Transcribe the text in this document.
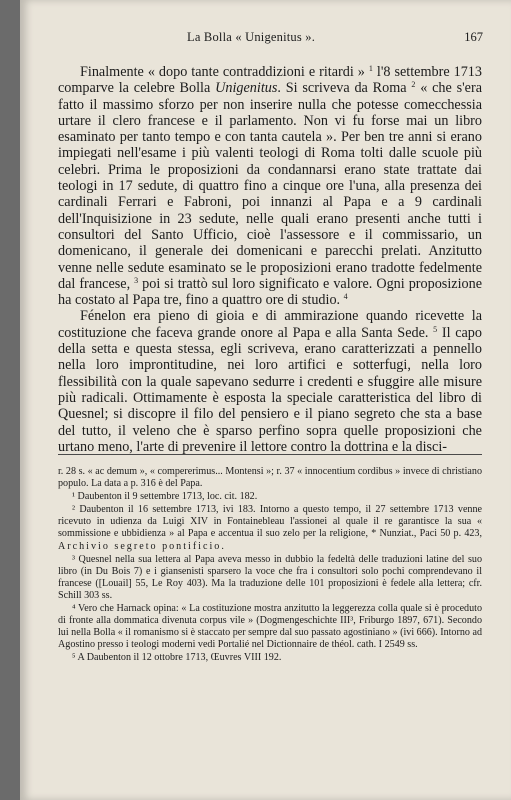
La Bolla « Unigenitus ».	167

Finalmente « dopo tante contraddizioni e ritardi » $^1$ l'8 settembre 1713 comparve la celebre Bolla Unigenitus. Si scriveva da Roma $^2$ « che s'era fatto il massimo sforzo per non inserire nulla che potesse comecchessia urtare il clero francese e il parlamento. Non vi fu forse mai un libro esaminato per tanto tempo e con tanta cautela ». Per ben tre anni si erano impiegati nell'esame i più valenti teologi di Roma tolti dalle scuole più celebri. Prima le proposizioni da condannarsi erano state trattate dai teologi in 17 sedute, di quattro fino a cinque ore l'una, alla presenza dei cardinali Ferrari e Fabroni, poi innanzi al Papa e a 9 cardinali dell'Inquisizione in 23 sedute, nelle quali erano presenti anche tutti i consultori del Santo Ufficio, cioè l'assessore e il commissario, un domenicano, il generale dei domenicani e parecchi prelati. Anzitutto venne nelle sedute esaminato se le proposizioni erano tradotte fedelmente dal francese, $^3$ poi si trattò sul loro significato e valore. Ogni proposizione ha costato al Papa tre, fino a quattro ore di studio. $^4$

Fénelon era pieno di gioia e di ammirazione quando ricevette la costituzione che faceva grande onore al Papa e alla Santa Sede. $^5$ Il capo della setta e questa stessa, egli scriveva, erano caratterizzati a pennello nella loro improntitudine, nei loro artifici e sotterfugi, nella loro flessibilità con la quale sapevano sedurre i credenti e sfuggire alle misure più radicali. Ottimamente è esposta la speciale caratteristica del libro di Quesnel; si discopre il filo del pensiero e il piano segreto che sta a base del tutto, il veleno che è sparso perfino sopra quelle proposizioni che urtano meno, l'arte di prevenire il lettore contro la dottrina e la disci-

r. 28 s. « ac demum », « compererimus... Montensi »; r. 37 « innocentium cordibus » invece di christiano populo. La data a p. 316 è del Papa.

¹ Daubenton il 9 settembre 1713, loc. cit. 182.

² Daubenton il 16 settembre 1713, ivi 183. Intorno a questo tempo, il 27 settembre 1713 venne ricevuto in udienza da Luigi XIV in Fontainebleau l'assionei al quale il re garantisce la sua « sommissione e ubbidienza » al Papa e accentua il suo zelo per la religione, * Nunziat., Paci 50 p. 423, Archivio segreto pontificio.

³ Quesnel nella sua lettera al Papa aveva messo in dubbio la fedeltà delle traduzioni latine del suo libro (in Du Bois 7) e i giansenisti sparsero la voce che fra i consultori solo pochi comprendevano il francese ([Louail] 55, Le Roy 403). Ma la traduzione delle 101 proposizioni è fedele alla lettera; cfr. Schill 303 ss.

⁴ Vero che Harnack opina: « La costituzione mostra anzitutto la leggerezza colla quale si è proceduto di fronte alla dommatica divenuta corpus vile » (Dogmengeschichte III³, Friburgo 1897, 671). Secondo lui nella Bolla « il romanismo si è staccato per sempre dal suo passato agostiniano » (ivi 666). Intorno ad Agostino presso i teologi moderni vedi Portalié nel Dictionnaire de théol. cath. I 2549 ss.

⁵ A Daubenton il 12 ottobre 1713, Œuvres VIII 192.
